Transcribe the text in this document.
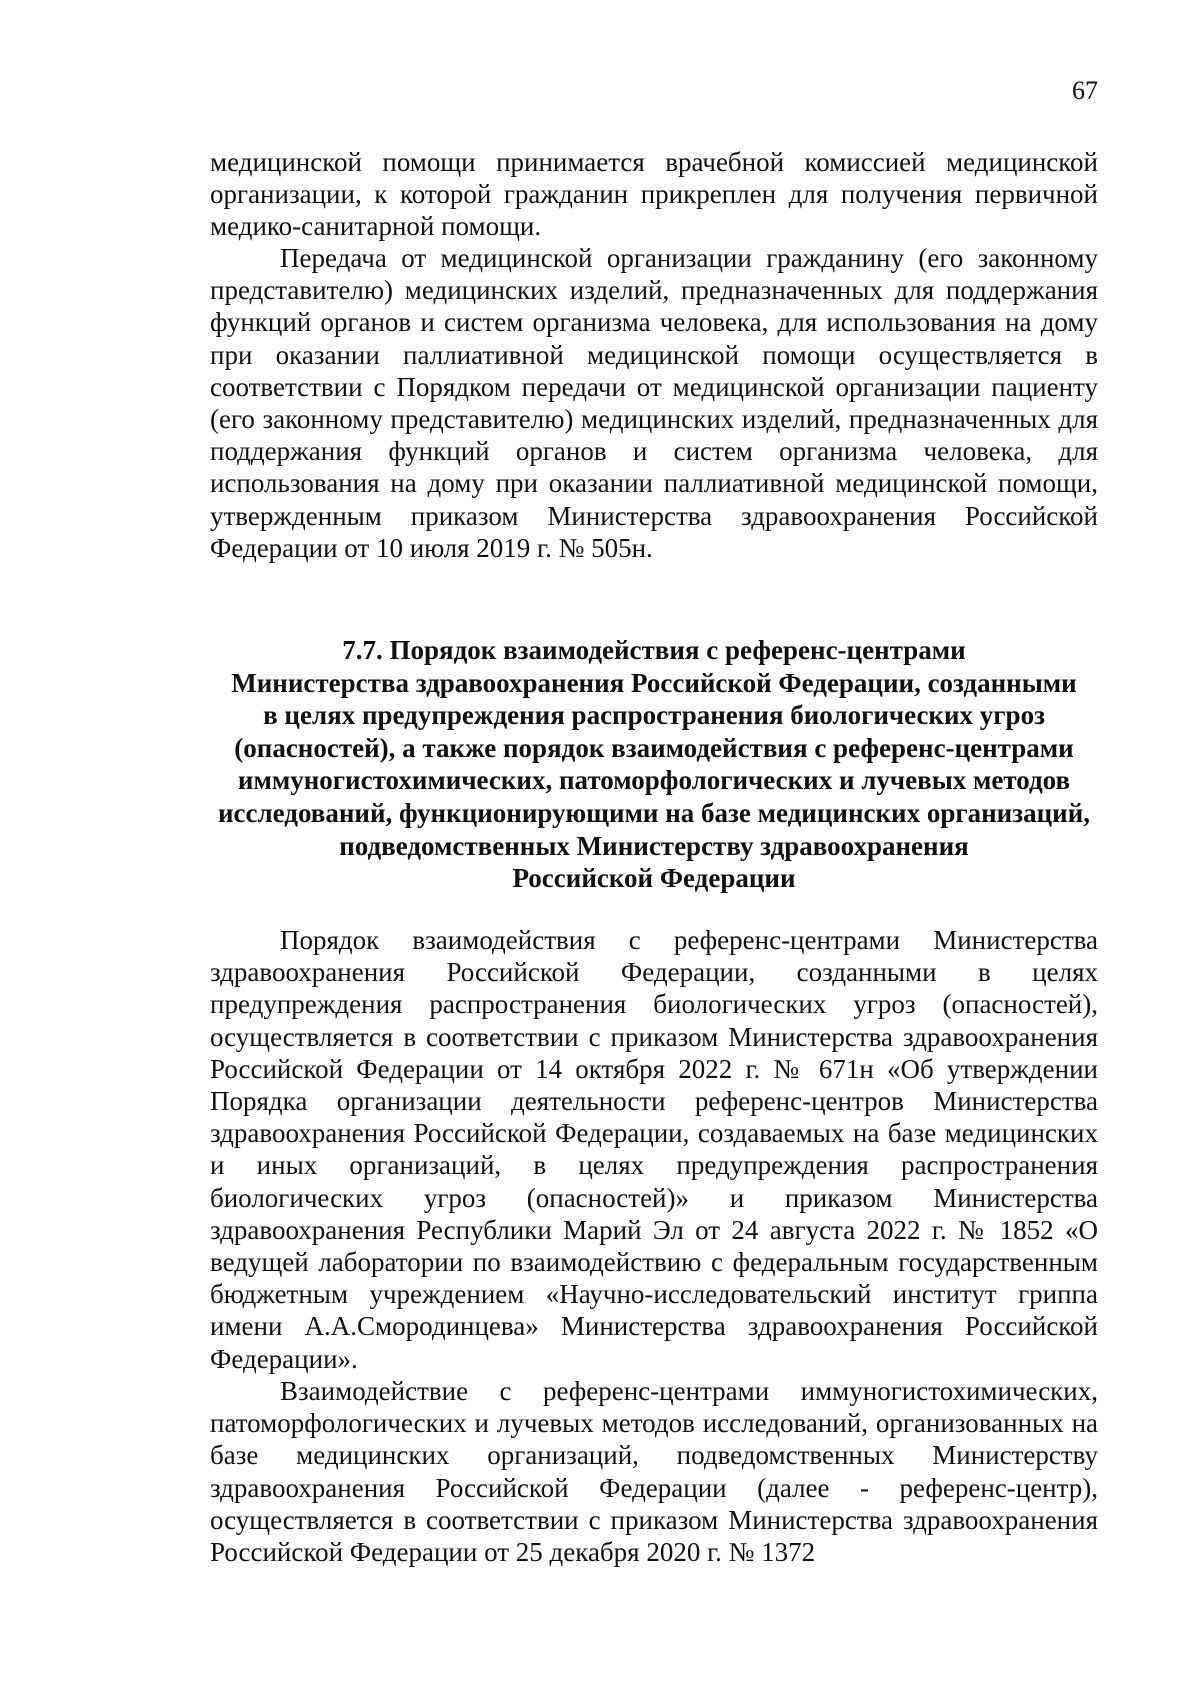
67

медицинской помощи принимается врачебной комиссией медицинской организации, к которой гражданин прикреплен для получения первичной медико-санитарной помощи.

Передача от медицинской организации гражданину (его законному представителю) медицинских изделий, предназначенных для поддержания функций органов и систем организма человека, для использования на дому при оказании паллиативной медицинской помощи осуществляется в соответствии с Порядком передачи от медицинской организации пациенту (его законному представителю) медицинских изделий, предназначенных для поддержания функций органов и систем организма человека, для использования на дому при оказании паллиативной медицинской помощи, утвержденным приказом Министерства здравоохранения Российской Федерации от 10 июля 2019 г. № 505н.

7.7. Порядок взаимодействия с референс-центрами
Министерства здравоохранения Российской Федерации, созданными
в целях предупреждения распространения биологических угроз
(опасностей), а также порядок взаимодействия с референс-центрами
иммуногистохимических, патоморфологических и лучевых методов
исследований, функционирующими на базе медицинских организаций,
подведомственных Министерству здравоохранения
Российской Федерации

Порядок взаимодействия с референс-центрами Министерства здравоохранения Российской Федерации, созданными в целях предупреждения распространения биологических угроз (опасностей), осуществляется в соответствии с приказом Министерства здравоохранения Российской Федерации от 14 октября 2022 г. № 671н «Об утверждении Порядка организации деятельности референс-центров Министерства здравоохранения Российской Федерации, создаваемых на базе медицинских и иных организаций, в целях предупреждения распространения биологических угроз (опасностей)» и приказом Министерства здравоохранения Республики Марий Эл от 24 августа 2022 г. № 1852 «О ведущей лаборатории по взаимодействию с федеральным государственным бюджетным учреждением «Научно-исследовательский институт гриппа имени А.А.Смородинцева» Министерства здравоохранения Российской Федерации».

Взаимодействие с референс-центрами иммуногистохимических, патоморфологических и лучевых методов исследований, организованных на базе медицинских организаций, подведомственных Министерству здравоохранения Российской Федерации (далее - референс-центр), осуществляется в соответствии с приказом Министерства здравоохранения Российской Федерации от 25 декабря 2020 г. № 1372
